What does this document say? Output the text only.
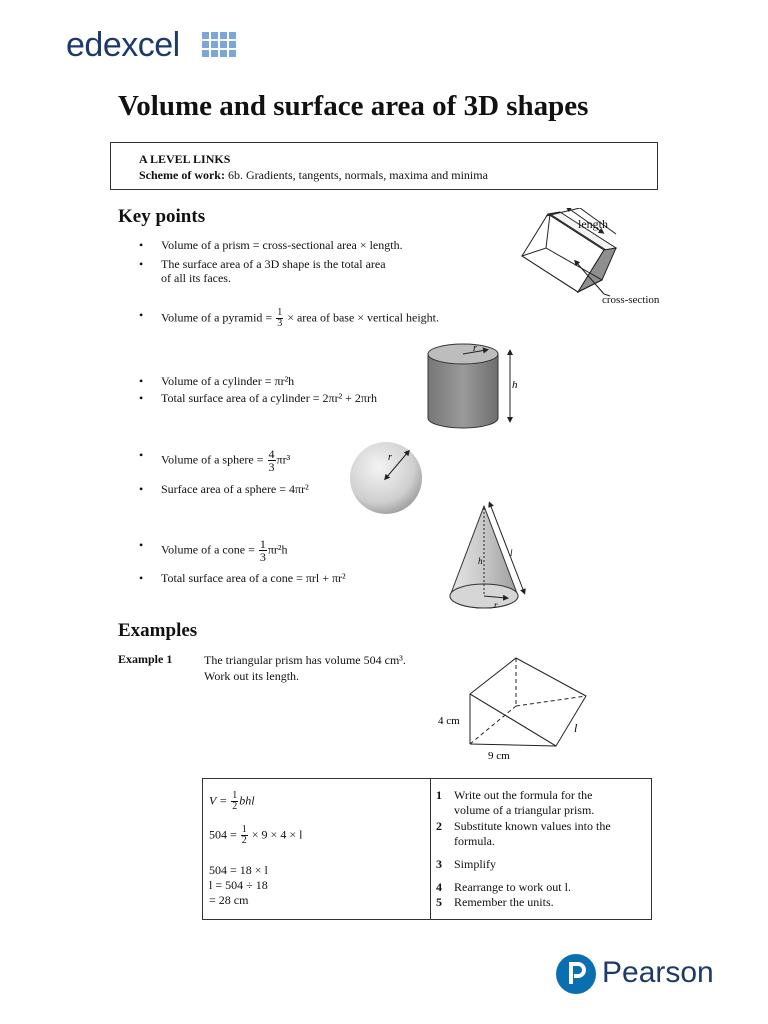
edexcel
Volume and surface area of 3D shapes
A LEVEL LINKS
Scheme of work: 6b. Gradients, tangents, normals, maxima and minima
Key points
• Volume of a prism = cross-sectional area × length.
• The surface area of a 3D shape is the total area
of all its faces.
• Volume of a pyramid = $\frac{1}{3}$ × area of base × vertical height.
• Volume of a cylinder = πr²h
• Total surface area of a cylinder = 2πr² + 2πrh
• Volume of a sphere = $\frac{4}{3} \pi r^3$
• Surface area of a sphere = 4πr²
• Volume of a cone = $\frac{1}{3} \pi r^2h$
• Total surface area of a cone = πrl + πr²
length
cross-section
r
h
r
h
l
r
Examples
Example 1	The triangular prism has volume 504 cm³.
Work out its length.
4 cm
9 cm
l
$V = \frac{1}{2}$ bhl
$504 = \frac{1}{2} \times 9 \times 4 \times l$
504 = 18 × l
l = 504 ÷ 18
= 28 cm
1 Write out the formula for the
volume of a triangular prism.
2 Substitute known values into the
formula.
3 Simplify
4 Rearrange to work out l.
5 Remember the units.
Pearson
